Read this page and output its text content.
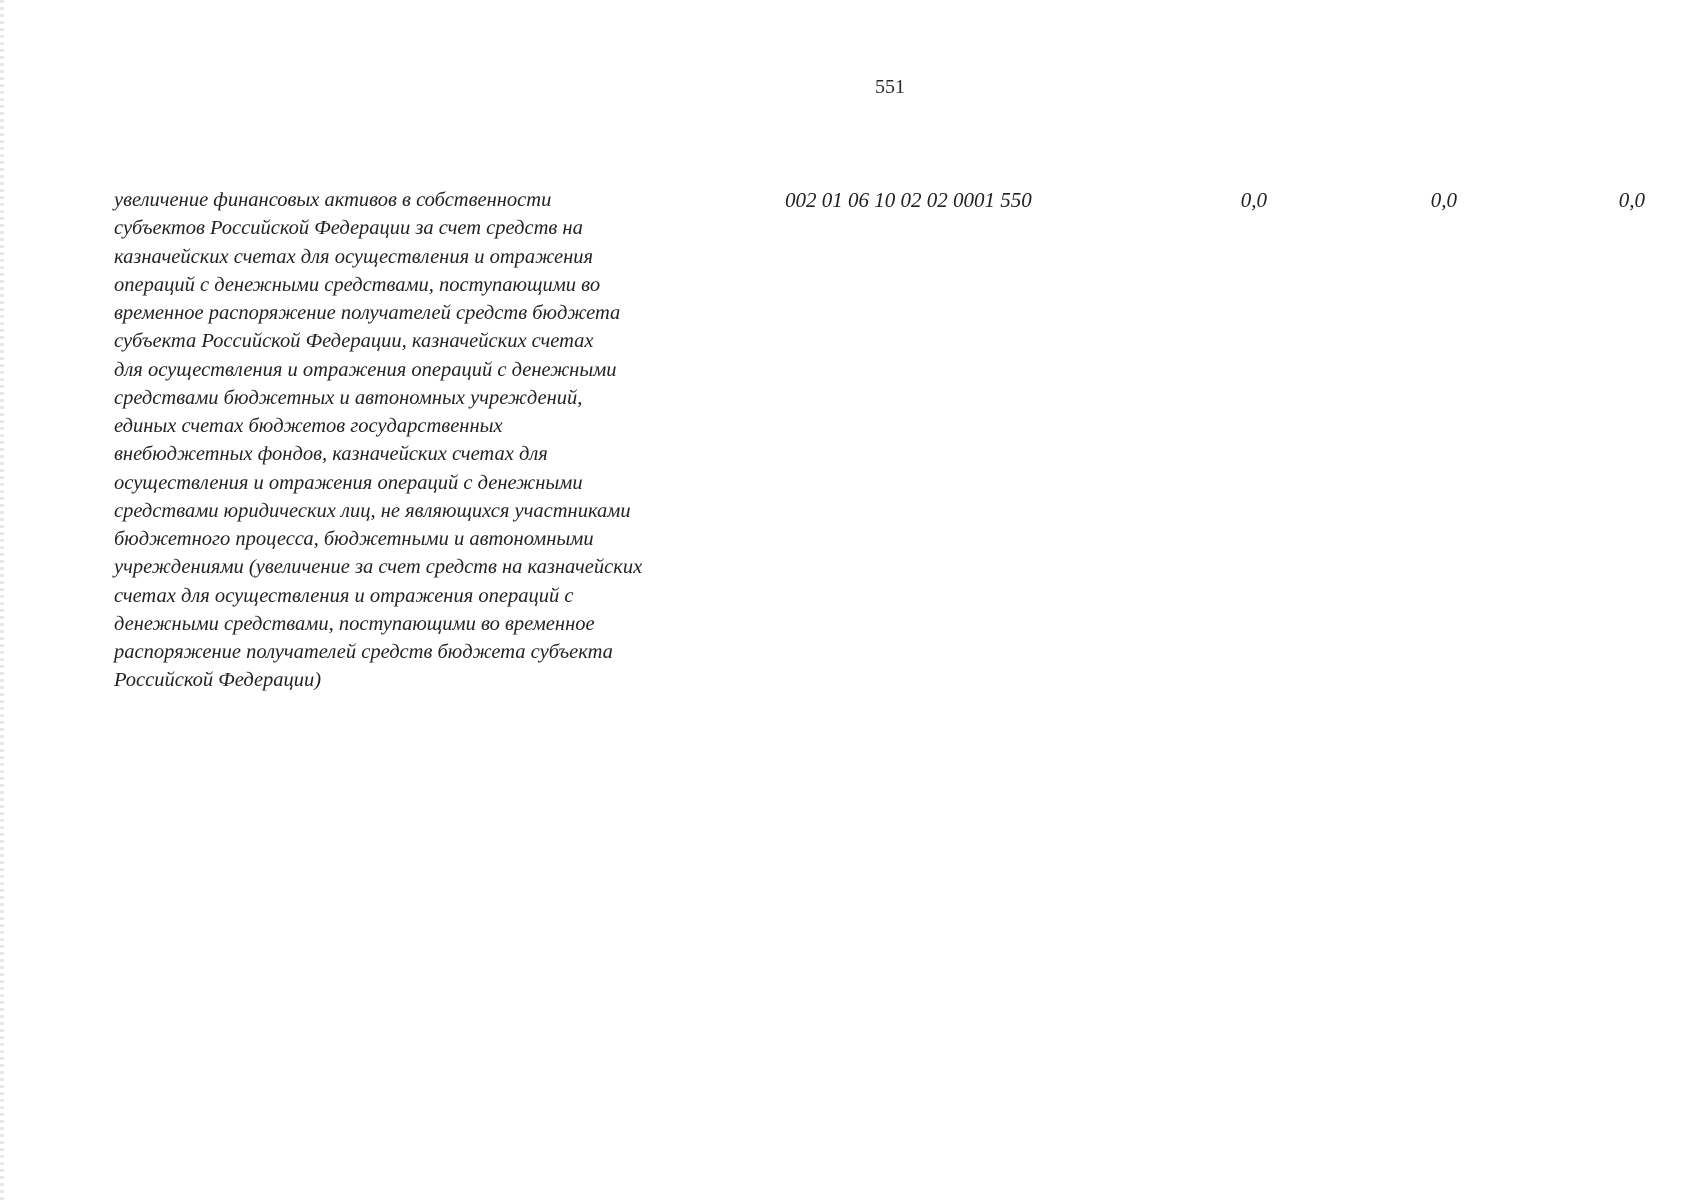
551

увеличение финансовых активов в собственности
субъектов Российской Федерации за счет средств на
казначейских счетах для осуществления и отражения
операций с денежными средствами, поступающими во
временное распоряжение получателей средств бюджета
субъекта Российской Федерации, казначейских счетах
для осуществления и отражения операций с денежными
средствами бюджетных и автономных учреждений,
единых счетах бюджетов государственных
внебюджетных фондов, казначейских счетах для
осуществления и отражения операций с денежными
средствами юридических лиц, не являющихся участниками
бюджетного процесса, бюджетными и автономными
учреждениями (увеличение за счет средств на казначейских
счетах для осуществления и отражения операций с
денежными средствами, поступающими во временное
распоряжение получателей средств бюджета субъекта
Российской Федерации)

002 01 06 10 02 02 0001 550	0,0	0,0	0,0
